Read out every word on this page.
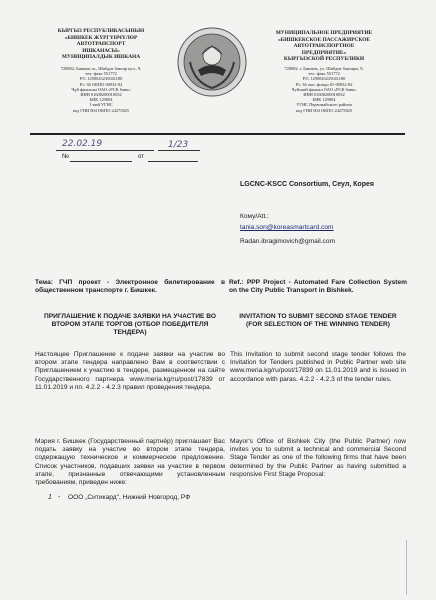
КЫРГЫЗ РЕСПУБЛИКАСЫНЫН
«БИШКЕК ЖҮРГҮНЧҮЛӨР
АВТОТРАНСПОРТ
ИШКАНАСЫ»
МУНИЦИПАЛДЫК ИШКАНА
720082, Бишкек ш., Шибдит бактар куч., 9,
тел.-факс 551772
Р/С 1290043235041180
Р/с 36 ОКПО 00932-82
Чүй филиалы ОАО «РСК банк»
ИНН 01608200010032
БИК 129004
1-кий УГНС
код ГНИ 004 ОКПО 24275825
МУНИЦИПАЛЬНОЕ ПРЕДПРИЯТИЕ
«БИШКЕКСКОЕ ПАССАЖИРСКОЕ
АВТОТРАНСПОРТНОЕ
ПРЕДПРИЯТИЕ»
КЫРГЫЗСКОЙ РЕСПУБЛИКИ
720082, г. Бишкек, ул. Шибдит бактары, 9,
тел.-факс 551772
Р/С 1290043235041180
Р/с 36 окп. фонди 01-00932-82
Чуйский филиал ОАО «РСК банк»
ИНН 01608200010032
БИК 129004
УГНС Первомайского района
код ГНИ 004 ОКПО 24275825
22.02.19	1/23
№	от
LGCNC-KSCC Consortium, Сеул, Корея
Кому/Att.:
tania.son@koreasmartcard.com
Radan.ibragimovich@gmail.com
Тема: ГЧП проект - Электронное билетирование в общественном транспорте г. Бишкек.
Ref.: PPP Project - Automated Fare Collection System on the City Public Transport in Bishkek.
ПРИГЛАШЕНИЕ К ПОДАЧЕ ЗАЯВКИ НА УЧАСТИЕ ВО ВТОРОМ ЭТАПЕ ТОРГОВ (ОТБОР ПОБЕДИТЕЛЯ ТЕНДЕРА)
INVITATION TO SUBMIT SECOND STAGE TENDER (FOR SELECTION OF THE WINNING TENDER)
Настоящее Приглашение к подаче заявки на участие во втором этапе тендера направлено Вам в соответствии с Приглашением к участию в тендере, размещенном на сайте Государственного партнера www.meria.kg/ru/post/17839 от 11.01.2019 и пп. 4.2.2 - 4.2.3 правил проведения тендера.
This Invitation to submit second stage tender follows the Invitation for Tenders published in Public Partner web site www.meria.kg/ru/post/17839 on 11.01.2019 and is issued in accordance with paras. 4.2.2 - 4.2.3 of the tender rules.
Мэрия г. Бишкек (Государственный партнёр) приглашает Вас подать заявку на участие во втором этапе тендера, содержащую техническое и коммерческое предложение. Список участников, подавших заявки на участие в первом этапе, признанные отвечающими установленным требованиям, приведен ниже:
Mayor's Office of Bishkek City (the Public Partner) now invites you to submit a technical and commercial Second Stage Tender as one of the following firms that have been determined by the Public Partner as having submitted a responsive First Stage Proposal:
1 - ООО „Ситикард", Нижний Новгород, РФ
